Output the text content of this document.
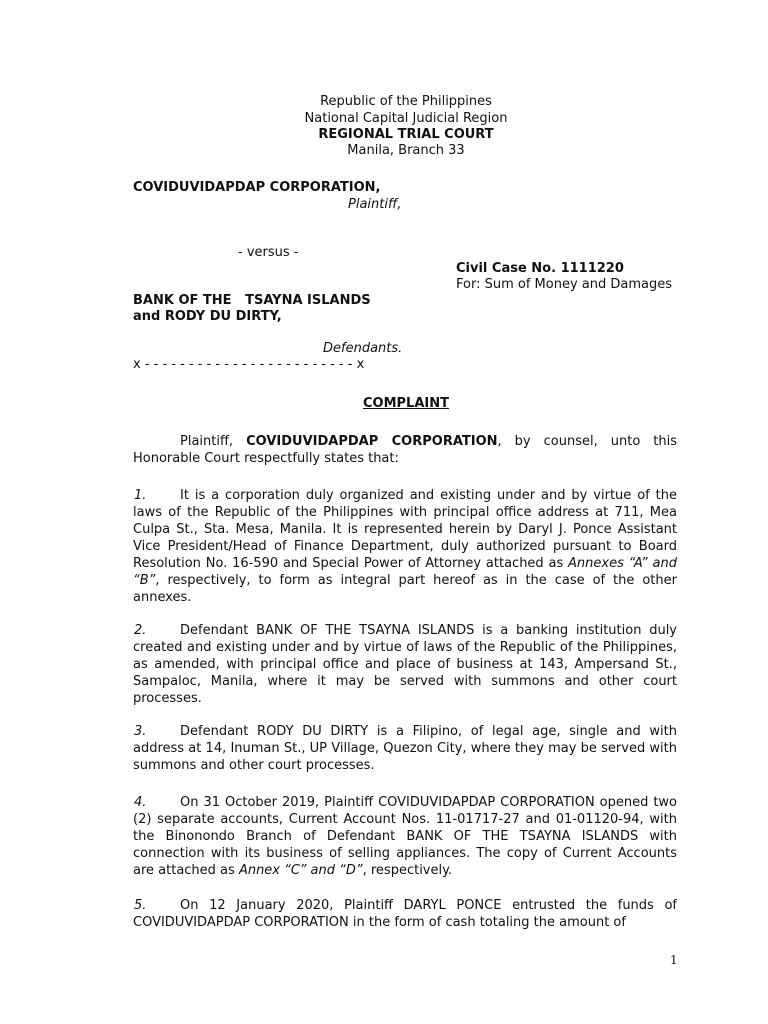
Republic of the Philippines
National Capital Judicial Region
REGIONAL TRIAL COURT
Manila, Branch 33
COVIDUVIDAPDAP CORPORATION,
Plaintiff,
- versus -
Civil Case No. 1111220
For: Sum of Money and Damages
BANK OF THE   TSAYNA ISLANDS
and RODY DU DIRTY,
Defendants.
x - - - - - - - - - - - - - - - - - - - - - - - - x
COMPLAINT
Plaintiff, COVIDUVIDAPDAP CORPORATION, by counsel, unto this Honorable Court respectfully states that:
1.	It is a corporation duly organized and existing under and by virtue of the laws of the Republic of the Philippines with principal office address at 711, Mea Culpa St., Sta. Mesa, Manila. It is represented herein by Daryl J. Ponce Assistant Vice President/Head of Finance Department, duly authorized pursuant to Board Resolution No. 16-590 and Special Power of Attorney attached as Annexes “A” and “B”, respectively, to form as integral part hereof as in the case of the other annexes.
2.	Defendant BANK OF THE TSAYNA ISLANDS is a banking institution duly created and existing under and by virtue of laws of the Republic of the Philippines, as amended, with principal office and place of business at 143, Ampersand St., Sampaloc, Manila, where it may be served with summons and other court processes.
3.	Defendant RODY DU DIRTY is a Filipino, of legal age, single and with address at 14, Inuman St., UP Village, Quezon City, where they may be served with summons and other court processes.
4.	On 31 October 2019, Plaintiff COVIDUVIDAPDAP CORPORATION opened two (2) separate accounts, Current Account Nos. 11-01717-27 and 01-01120-94, with the Binonondo Branch of Defendant BANK OF THE TSAYNA ISLANDS with connection with its business of selling appliances. The copy of Current Accounts are attached as Annex “C” and “D”, respectively.
5.	On 12 January 2020, Plaintiff DARYL PONCE entrusted the funds of COVIDUVIDAPDAP CORPORATION in the form of cash totaling the amount of
1
